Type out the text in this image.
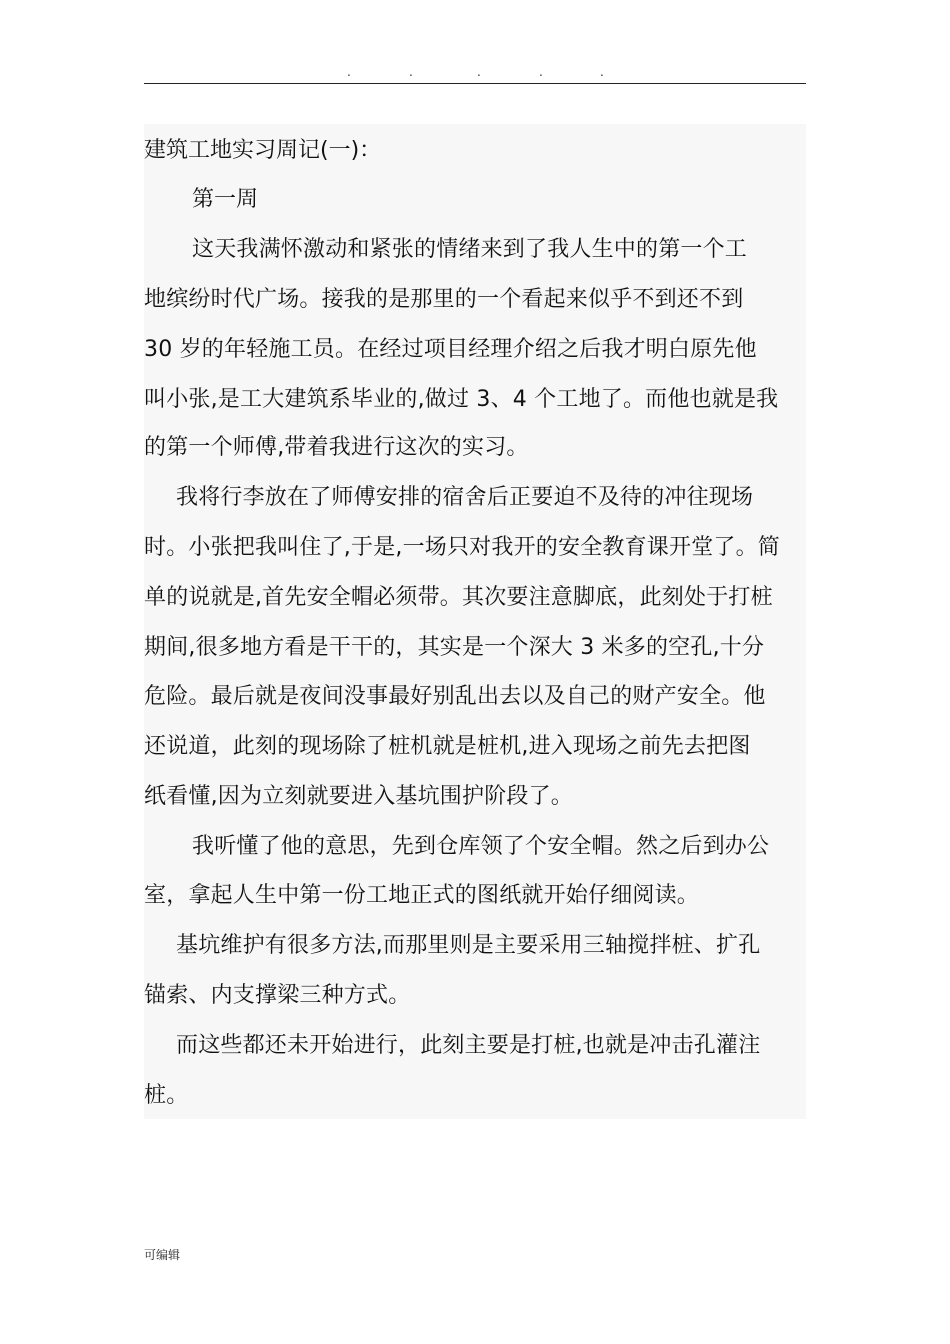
.	.	.	.	.
建筑工地实习周记(一)：
第一周
这天我满怀激动和紧张的情绪来到了我人生中的第一个工
地缤纷时代广场。接我的是那里的一个看起来似乎不到还不到
30 岁的年轻施工员。在经过项目经理介绍之后我才明白原先他
叫小张,是工大建筑系毕业的,做过 3、4 个工地了。而他也就是我
的第一个师傅,带着我进行这次的实习。
我将行李放在了师傅安排的宿舍后正要迫不及待的冲往现场
时。小张把我叫住了,于是,一场只对我开的安全教育课开堂了。简
单的说就是,首先安全帽必须带。其次要注意脚底，此刻处于打桩
期间,很多地方看是干干的，其实是一个深大 3 米多的空孔,十分
危险。最后就是夜间没事最好别乱出去以及自己的财产安全。他
还说道，此刻的现场除了桩机就是桩机,进入现场之前先去把图
纸看懂,因为立刻就要进入基坑围护阶段了。
我听懂了他的意思，先到仓库领了个安全帽。然之后到办公
室，拿起人生中第一份工地正式的图纸就开始仔细阅读。
基坑维护有很多方法,而那里则是主要采用三轴搅拌桩、扩孔
锚索、内支撑梁三种方式。
而这些都还未开始进行，此刻主要是打桩,也就是冲击孔灌注
桩。
可编辑
